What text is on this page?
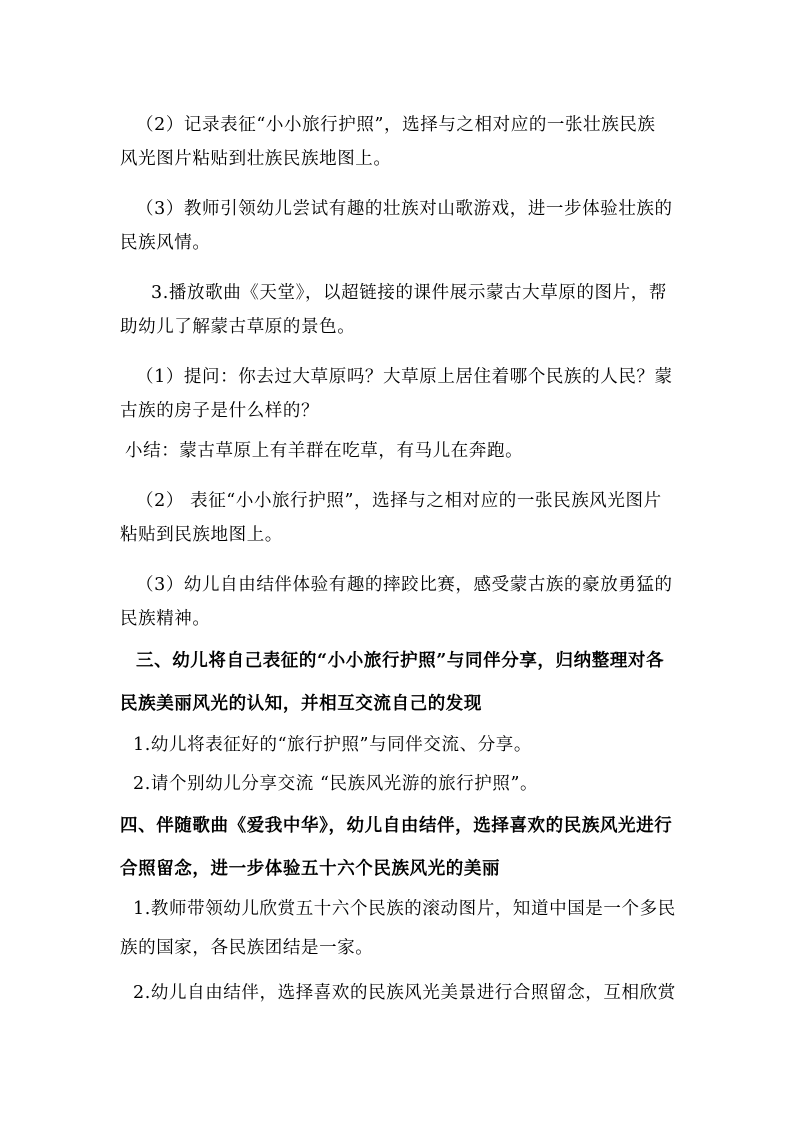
（2）记录表征“小小旅行护照”，选择与之相对应的一张壮族民族
风光图片粘贴到壮族民族地图上。
（3）教师引领幼儿尝试有趣的壮族对山歌游戏，进一步体验壮族的
民族风情。
3.播放歌曲《天堂》，以超链接的课件展示蒙古大草原的图片，帮
助幼儿了解蒙古草原的景色。
（1）提问：你去过大草原吗？大草原上居住着哪个民族的人民？蒙
古族的房子是什么样的？
小结：蒙古草原上有羊群在吃草，有马儿在奔跑。
（2） 表征“小小旅行护照”，选择与之相对应的一张民族风光图片
粘贴到民族地图上。
（3）幼儿自由结伴体验有趣的摔跤比赛，感受蒙古族的豪放勇猛的
民族精神。
三、幼儿将自己表征的“小小旅行护照”与同伴分享，归纳整理对各
民族美丽风光的认知，并相互交流自己的发现
1.幼儿将表征好的“旅行护照”与同伴交流、分享。
2.请个别幼儿分享交流 “民族风光游的旅行护照”。
四、伴随歌曲《爱我中华》，幼儿自由结伴，选择喜欢的民族风光进行
合照留念，进一步体验五十六个民族风光的美丽
1.教师带领幼儿欣赏五十六个民族的滚动图片，知道中国是一个多民
族的国家，各民族团结是一家。
2.幼儿自由结伴，选择喜欢的民族风光美景进行合照留念，互相欣赏
